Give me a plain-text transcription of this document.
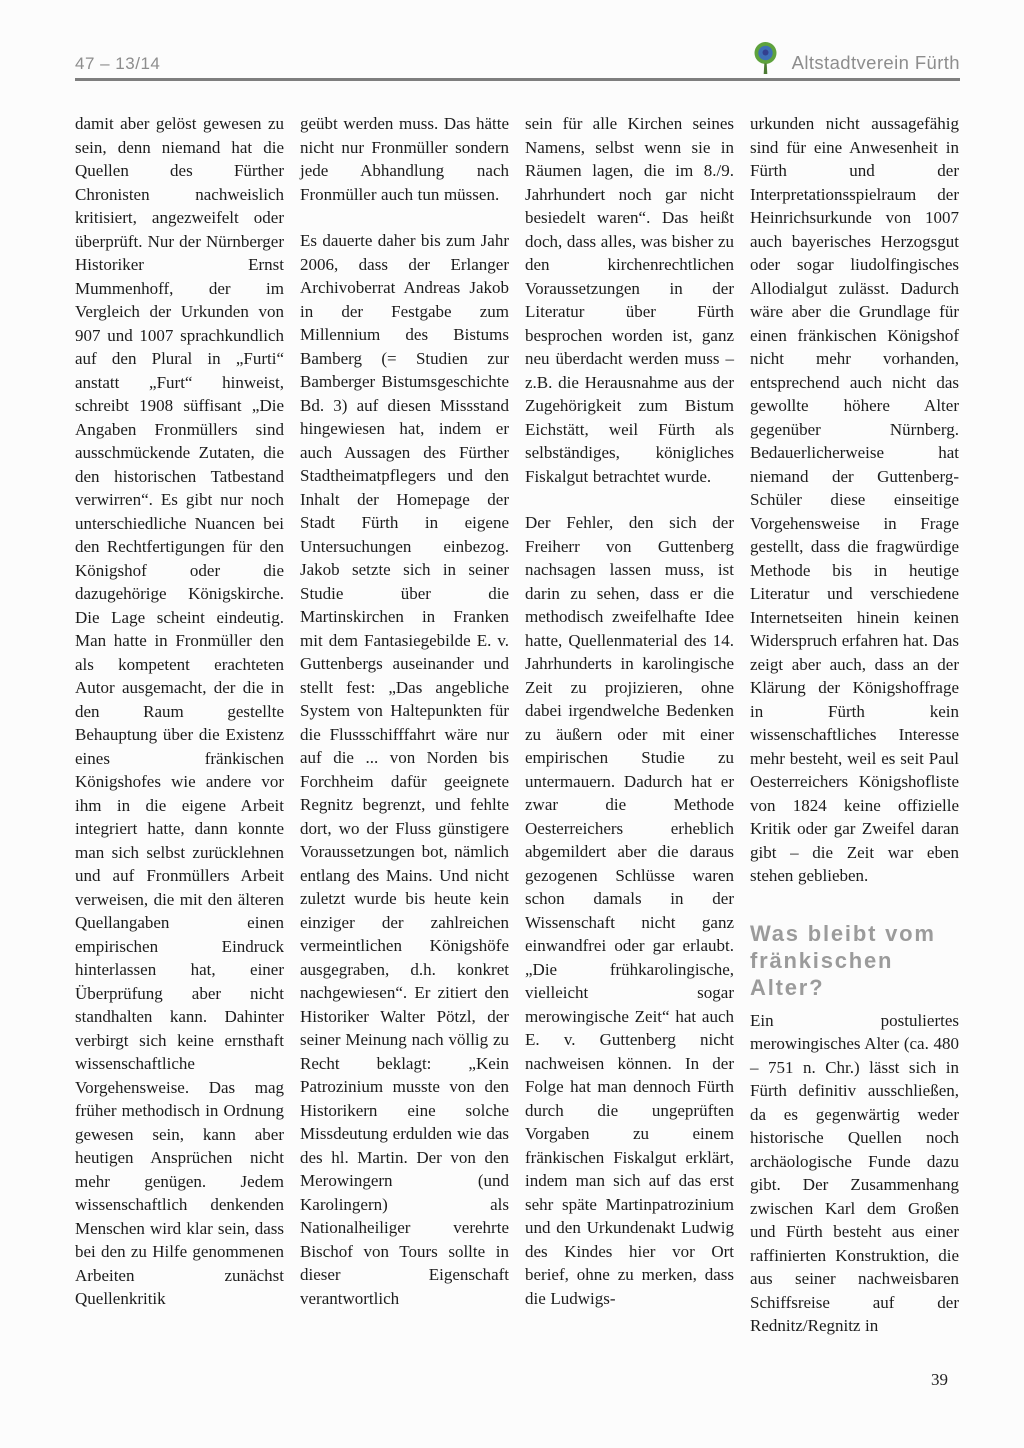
47 – 13/14	Altstadtverein Fürth

damit aber gelöst gewesen zu sein, denn niemand hat die Quellen des Fürther Chronisten nachweislich kritisiert, angezweifelt oder überprüft. Nur der Nürnberger Historiker Ernst Mummenhoff, der im Vergleich der Urkunden von 907 und 1007 sprachkundlich auf den Plural in „Furti“ anstatt „Furt“ hinweist, schreibt 1908 süffisant „Die Angaben Fronmüllers sind ausschmückende Zutaten, die den historischen Tatbestand verwirren“. Es gibt nur noch unterschiedliche Nuancen bei den Rechtfertigungen für den Königshof oder die dazugehörige Königskirche. Die Lage scheint eindeutig. Man hatte in Fronmüller den als kompetent erachteten Autor ausgemacht, der die in den Raum gestellte Behauptung über die Existenz eines fränkischen Königshofes wie andere vor ihm in die eigene Arbeit integriert hatte, dann konnte man sich selbst zurücklehnen und auf Fronmüllers Arbeit verweisen, die mit den älteren Quellangaben einen empirischen Eindruck hinterlassen hat, einer Überprüfung aber nicht standhalten kann. Dahinter verbirgt sich keine ernsthaft wissenschaftliche Vorgehensweise. Das mag früher methodisch in Ordnung gewesen sein, kann aber heutigen Ansprüchen nicht mehr genügen. Jedem wissenschaftlich denkenden Menschen wird klar sein, dass bei den zu Hilfe genommenen Arbeiten zunächst Quellenkritik

geübt werden muss. Das hätte nicht nur Fronmüller sondern jede Abhandlung nach Fronmüller auch tun müssen.

Es dauerte daher bis zum Jahr 2006, dass der Erlanger Archivoberrat Andreas Jakob in der Festgabe zum Millennium des Bistums Bamberg (= Studien zur Bamberger Bistumsgeschichte Bd. 3) auf diesen Missstand hingewiesen hat, indem er auch Aussagen des Fürther Stadtheimatpflegers und den Inhalt der Homepage der Stadt Fürth in eigene Untersuchungen einbezog. Jakob setzte sich in seiner Studie über die Martinskirchen in Franken mit dem Fantasiegebilde E. v. Guttenbergs auseinander und stellt fest: „Das angebliche System von Haltepunkten für die Flussschifffahrt wäre nur auf die ... von Norden bis Forchheim dafür geeignete Regnitz begrenzt, und fehlte dort, wo der Fluss günstigere Voraussetzungen bot, nämlich entlang des Mains. Und nicht zuletzt wurde bis heute kein einziger der zahlreichen vermeintlichen Königshöfe ausgegraben, d.h. konkret nachgewiesen“. Er zitiert den Historiker Walter Pötzl, der seiner Meinung nach völlig zu Recht beklagt: „Kein Patrozinium musste von den Historikern eine solche Missdeutung erdulden wie das des hl. Martin. Der von den Merowingern (und Karolingern) als Nationalheiliger verehrte Bischof von Tours sollte in dieser Eigenschaft verantwortlich

sein für alle Kirchen seines Namens, selbst wenn sie in Räumen lagen, die im 8./9. Jahrhundert noch gar nicht besiedelt waren“. Das heißt doch, dass alles, was bisher zu den kirchenrechtlichen Voraussetzungen in der Literatur über Fürth besprochen worden ist, ganz neu überdacht werden muss – z.B. die Herausnahme aus der Zugehörigkeit zum Bistum Eichstätt, weil Fürth als selbständiges, königliches Fiskalgut betrachtet wurde.

Der Fehler, den sich der Freiherr von Guttenberg nachsagen lassen muss, ist darin zu sehen, dass er die methodisch zweifelhafte Idee hatte, Quellenmaterial des 14. Jahrhunderts in karolingische Zeit zu projizieren, ohne dabei irgendwelche Bedenken zu äußern oder mit einer empirischen Studie zu untermauern. Dadurch hat er zwar die Methode Oesterreichers erheblich abgemildert aber die daraus gezogenen Schlüsse waren schon damals in der Wissenschaft nicht ganz einwandfrei oder gar erlaubt. „Die frühkarolingische, vielleicht sogar merowingische Zeit“ hat auch E. v. Guttenberg nicht nachweisen können. In der Folge hat man dennoch Fürth durch die ungeprüften Vorgaben zu einem fränkischen Fiskalgut erklärt, indem man sich auf das erst sehr späte Martinpatrozinium und den Urkundenakt Ludwig des Kindes hier vor Ort berief, ohne zu merken, dass die Ludwigs-

urkunden nicht aussagefähig sind für eine Anwesenheit in Fürth und der Interpretationsspielraum der Heinrichsurkunde von 1007 auch bayerisches Herzogsgut oder sogar liudolfingisches Allodialgut zulässt. Dadurch wäre aber die Grundlage für einen fränkischen Königshof nicht mehr vorhanden, entsprechend auch nicht das gewollte höhere Alter gegenüber Nürnberg. Bedauerlicherweise hat niemand der Guttenberg-Schüler diese einseitige Vorgehensweise in Frage gestellt, dass die fragwürdige Methode bis in heutige Literatur und verschiedene Internetseiten hinein keinen Widerspruch erfahren hat. Das zeigt aber auch, dass an der Klärung der Königshoffrage in Fürth kein wissenschaftliches Interesse mehr besteht, weil es seit Paul Oesterreichers Königshofliste von 1824 keine offizielle Kritik oder gar Zweifel daran gibt – die Zeit war eben stehen geblieben.

Was bleibt vom fränkischen Alter?

Ein postuliertes merowingisches Alter (ca. 480 – 751 n. Chr.) lässt sich in Fürth definitiv ausschließen, da es gegenwärtig weder historische Quellen noch archäologische Funde dazu gibt. Der Zusammenhang zwischen Karl dem Großen und Fürth besteht aus einer raffinierten Konstruktion, die aus seiner nachweisbaren Schiffsreise auf der Rednitz/Regnitz in

39
